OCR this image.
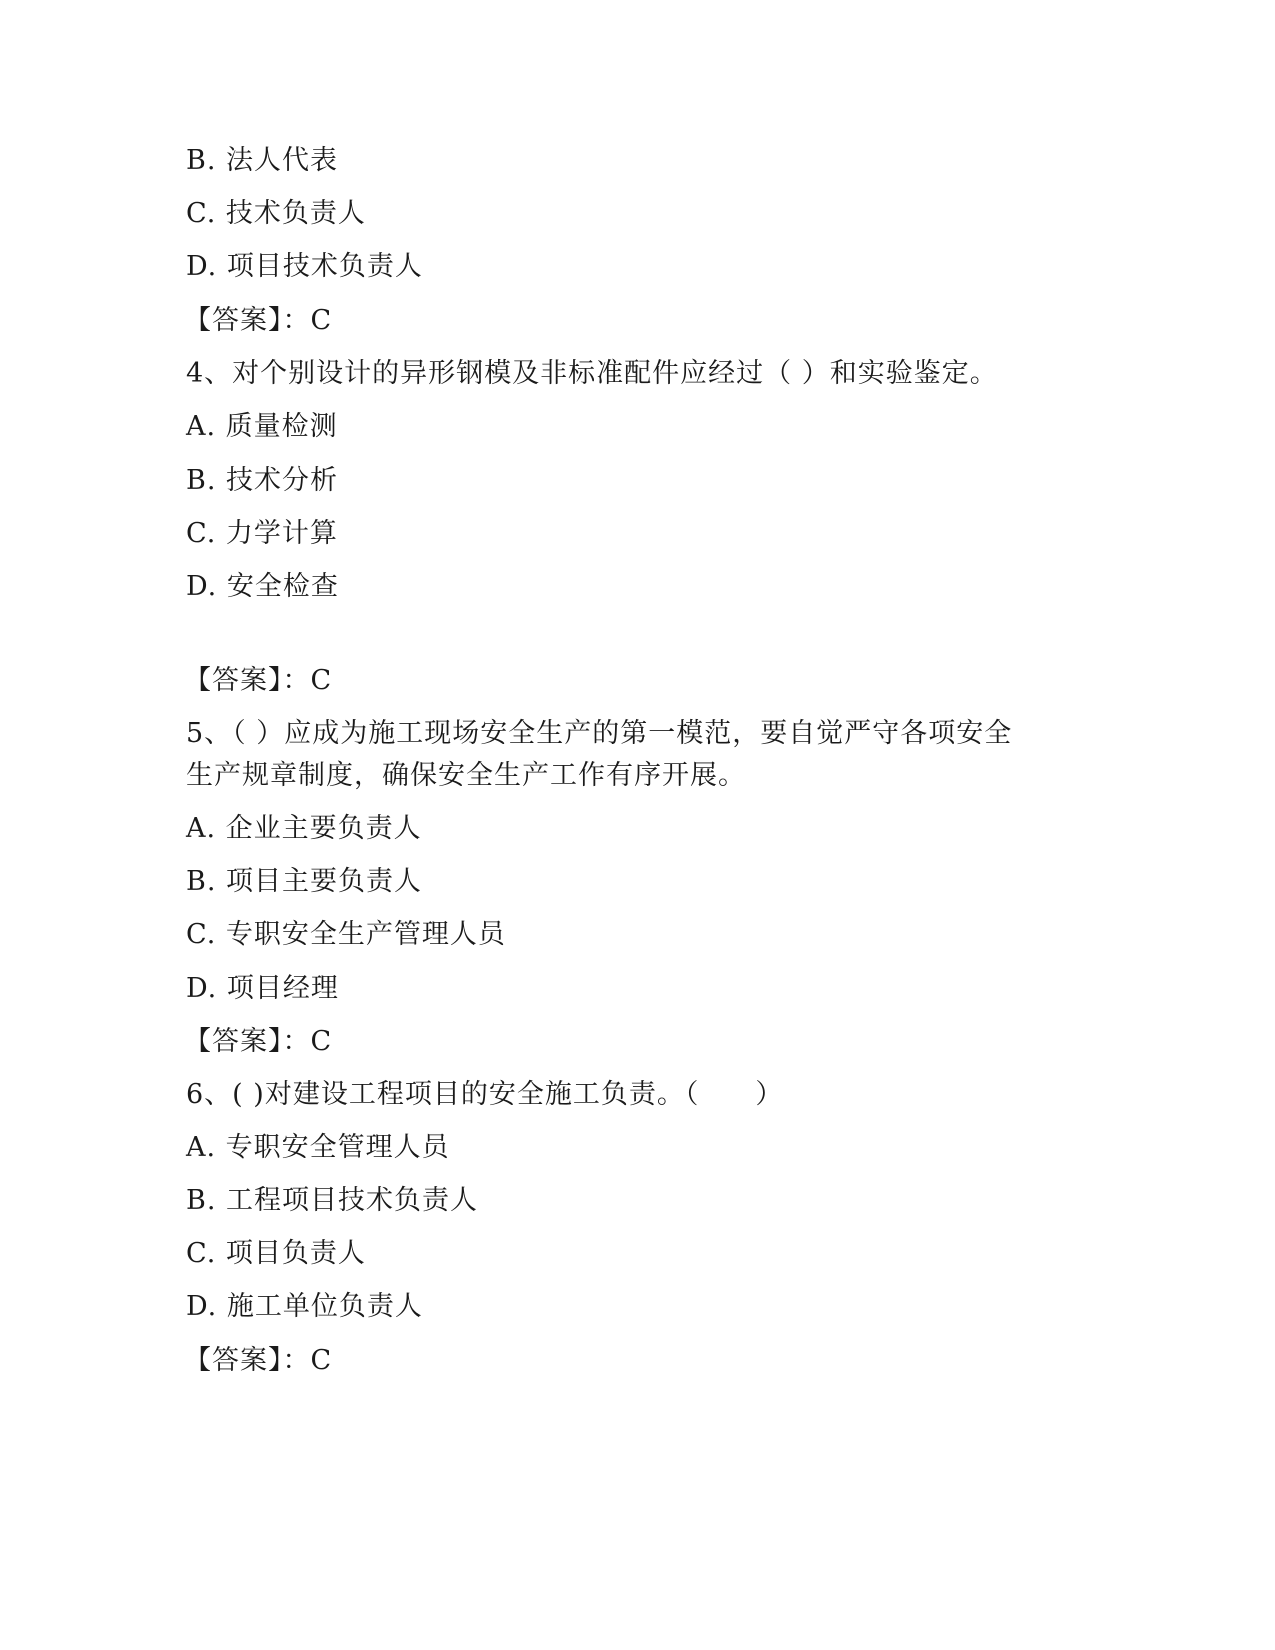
B. 法人代表
C. 技术负责人
D. 项目技术负责人
【答案】：C
4、对个别设计的异形钢模及非标准配件应经过（ ）和实验鉴定。
A. 质量检测
B. 技术分析
C. 力学计算
D. 安全检查
【答案】：C
5、（ ）应成为施工现场安全生产的第一模范，要自觉严守各项安全
生产规章制度，确保安全生产工作有序开展。
A. 企业主要负责人
B. 项目主要负责人
C. 专职安全生产管理人员
D. 项目经理
【答案】：C
6、( )对建设工程项目的安全施工负责。（　　）
A. 专职安全管理人员
B. 工程项目技术负责人
C. 项目负责人
D. 施工单位负责人
【答案】：C
